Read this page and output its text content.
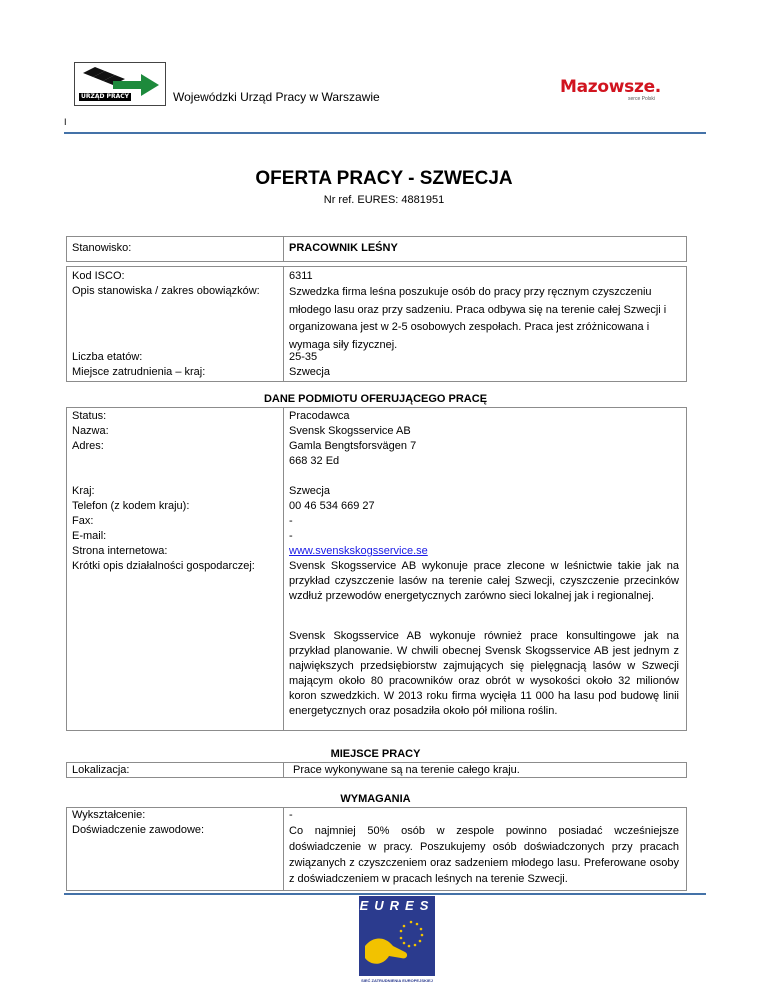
URZĄD PRACY	Wojewódzki Urząd Pracy w Warszawie	Mazowsze.
serce Polski
I
OFERTA PRACY - SZWECJA
Nr ref. EURES: 4881951
Stanowisko:	PRACOWNIK LEŚNY
Kod ISCO:	6311
Opis stanowiska / zakres obowiązków:	Szwedzka firma leśna poszukuje osób do pracy przy ręcznym czyszczeniu młodego lasu oraz przy sadzeniu. Praca odbywa się na terenie całej Szwecji i organizowana jest w 2-5 osobowych zespołach. Praca jest zróżnicowana i wymaga siły fizycznej.
Liczba etatów:	25-35
Miejsce zatrudnienia – kraj:	Szwecja
DANE PODMIOTU OFERUJĄCEGO PRACĘ
Status:	Pracodawca
Nazwa:	Svensk Skogsservice AB
Adres:	Gamla Bengtsforsvägen 7
668 32 Ed
Kraj:	Szwecja
Telefon (z kodem kraju):	00 46 534 669 27
Fax:	-
E-mail:	-
Strona internetowa:	www.svenskskogsservice.se
Krótki opis działalności gospodarczej:	Svensk Skogsservice AB wykonuje prace zlecone w leśnictwie takie jak na przykład czyszczenie lasów na terenie całej Szwecji, czyszczenie przecinków wzdłuż przewodów energetycznych zarówno sieci lokalnej jak i regionalnej.
Svensk Skogsservice AB wykonuje również prace konsultingowe jak na przykład planowanie. W chwili obecnej Svensk Skogsservice AB jest jednym z największych przedsiębiorstw zajmujących się pielęgnacją lasów w Szwecji mającym około 80 pracowników oraz obrót w wysokości około 32 milionów koron szwedzkich. W 2013 roku firma wycięła 11 000 ha lasu pod budowę linii energetycznych oraz posadziła około pół miliona roślin.
MIEJSCE PRACY
Lokalizacja:	Prace wykonywane są na terenie całego kraju.
WYMAGANIA
Wykształcenie:	-
Doświadczenie zawodowe:	Co najmniej 50% osób w zespole powinno posiadać wcześniejsze doświadczenie w pracy. Poszukujemy osób doświadczonych przy pracach związanych z czyszczeniem oraz sadzeniem młodego lasu. Preferowane osoby z doświadczeniem w pracach leśnych na terenie Szwecji.
EURES
SIEĆ ZATRUDNIENIA EUROPEJSKIEJ
